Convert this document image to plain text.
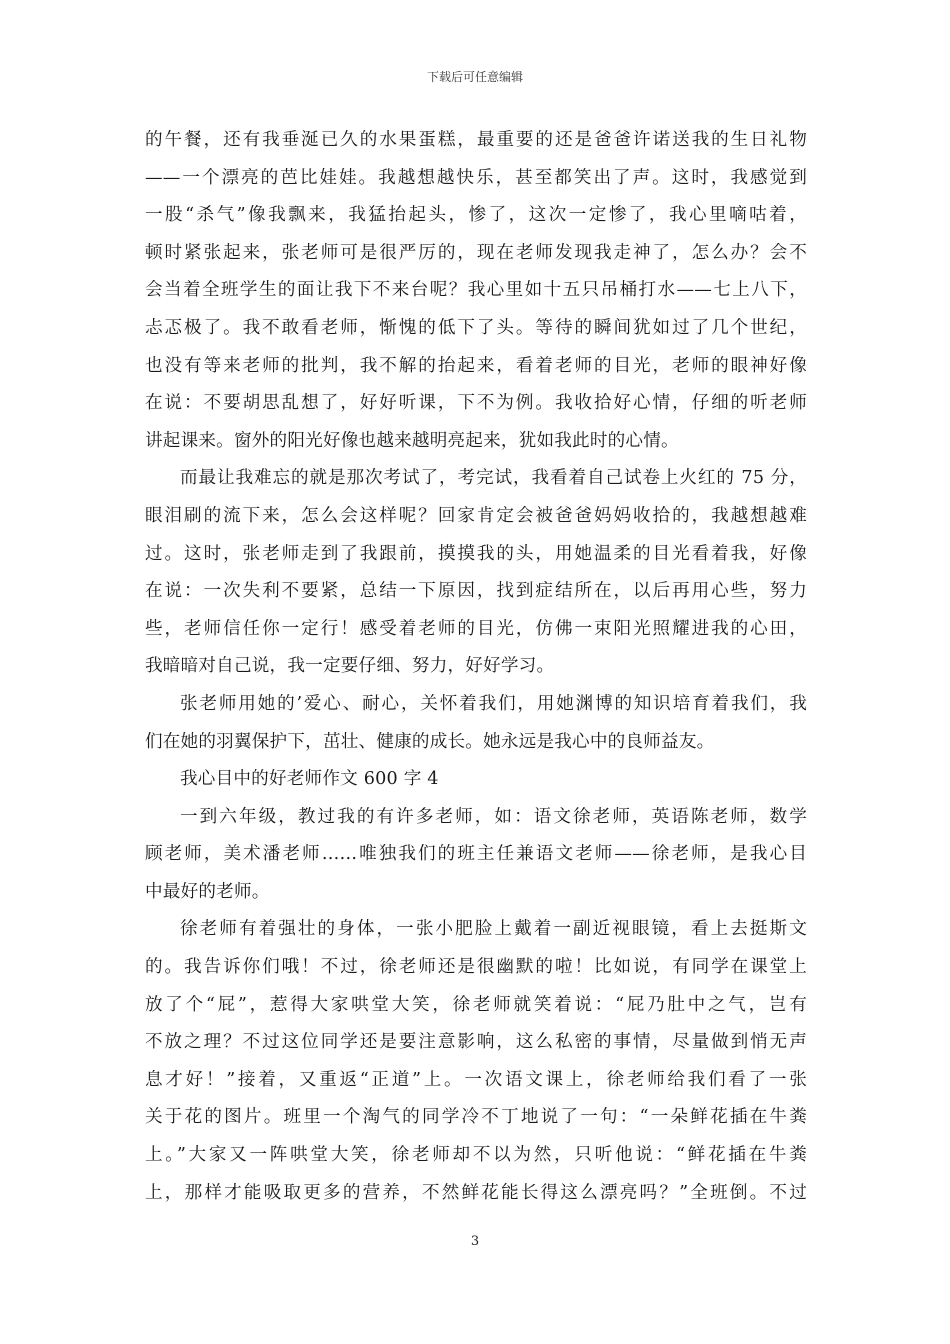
下载后可任意编辑
的午餐，还有我垂涎已久的水果蛋糕，最重要的还是爸爸许诺送我的生日礼物
——一个漂亮的芭比娃娃。我越想越快乐，甚至都笑出了声。这时，我感觉到
一股“杀气”像我飘来，我猛抬起头，惨了，这次一定惨了，我心里嘀咕着，
顿时紧张起来，张老师可是很严厉的，现在老师发现我走神了，怎么办？会不
会当着全班学生的面让我下不来台呢？我心里如十五只吊桶打水——七上八下，
忐忑极了。我不敢看老师，惭愧的低下了头。等待的瞬间犹如过了几个世纪，
也没有等来老师的批判，我不解的抬起来，看着老师的目光，老师的眼神好像
在说：不要胡思乱想了，好好听课，下不为例。我收拾好心情，仔细的听老师
讲起课来。窗外的阳光好像也越来越明亮起来，犹如我此时的心情。
而最让我难忘的就是那次考试了，考完试，我看着自己试卷上火红的 75 分，
眼泪刷的流下来，怎么会这样呢？回家肯定会被爸爸妈妈收拾的，我越想越难
过。这时，张老师走到了我跟前，摸摸我的头，用她温柔的目光看着我，好像
在说：一次失利不要紧，总结一下原因，找到症结所在，以后再用心些，努力
些，老师信任你一定行！感受着老师的目光，仿佛一束阳光照耀进我的心田，
我暗暗对自己说，我一定要仔细、努力，好好学习。
张老师用她的’爱心、耐心，关怀着我们，用她渊博的知识培育着我们，我
们在她的羽翼保护下，茁壮、健康的成长。她永远是我心中的良师益友。
我心目中的好老师作文 600 字 4
一到六年级，教过我的有许多老师，如：语文徐老师，英语陈老师，数学
顾老师，美术潘老师……唯独我们的班主任兼语文老师——徐老师，是我心目
中最好的老师。
徐老师有着强壮的身体，一张小肥脸上戴着一副近视眼镜，看上去挺斯文
的。我告诉你们哦！不过，徐老师还是很幽默的啦！比如说，有同学在课堂上
放了个“屁”，惹得大家哄堂大笑，徐老师就笑着说：“屁乃肚中之气，岂有
不放之理？不过这位同学还是要注意影响，这么私密的事情，尽量做到悄无声
息才好！”接着，又重返“正道”上。一次语文课上，徐老师给我们看了一张
关于花的图片。班里一个淘气的同学冷不丁地说了一句：“一朵鲜花插在牛粪
上。”大家又一阵哄堂大笑，徐老师却不以为然，只听他说：“鲜花插在牛粪
上，那样才能吸取更多的营养，不然鲜花能长得这么漂亮吗？”全班倒。不过
3
